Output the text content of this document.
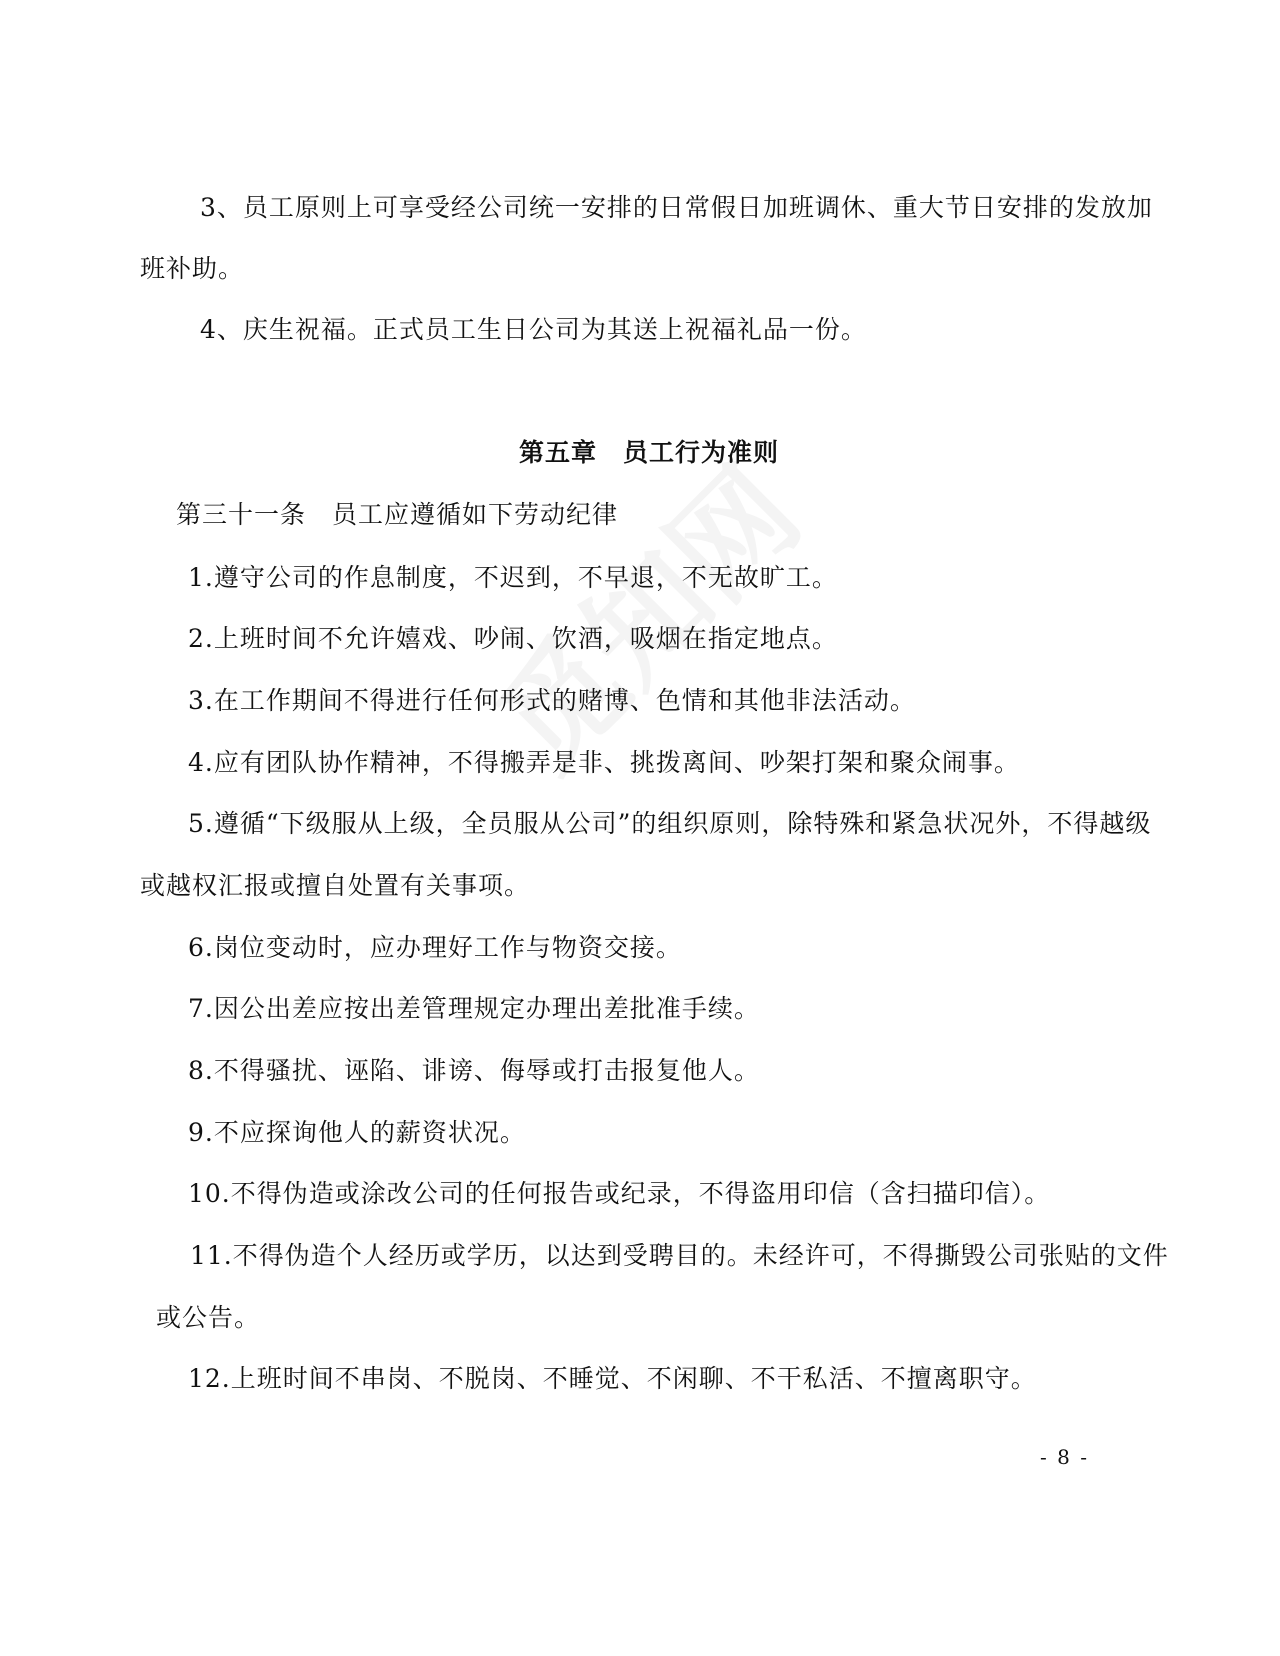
3、员工原则上可享受经公司统一安排的日常假日加班调休、重大节日安排的发放加
班补助。
4、庆生祝福。正式员工生日公司为其送上祝福礼品一份。
第五章　员工行为准则
第三十一条　员工应遵循如下劳动纪律
1.遵守公司的作息制度，不迟到，不早退，不无故旷工。
2.上班时间不允许嬉戏、吵闹、饮酒，吸烟在指定地点。
3.在工作期间不得进行任何形式的赌博、色情和其他非法活动。
4.应有团队协作精神，不得搬弄是非、挑拨离间、吵架打架和聚众闹事。
5.遵循“下级服从上级，全员服从公司”的组织原则，除特殊和紧急状况外，不得越级
或越权汇报或擅自处置有关事项。
6.岗位变动时，应办理好工作与物资交接。
7.因公出差应按出差管理规定办理出差批准手续。
8.不得骚扰、诬陷、诽谤、侮辱或打击报复他人。
9.不应探询他人的薪资状况。
10.不得伪造或涂改公司的任何报告或纪录，不得盗用印信（含扫描印信）。
11.不得伪造个人经历或学历，以达到受聘目的。未经许可，不得撕毁公司张贴的文件
或公告。
12.上班时间不串岗、不脱岗、不睡觉、不闲聊、不干私活、不擅离职守。
- 8 -
